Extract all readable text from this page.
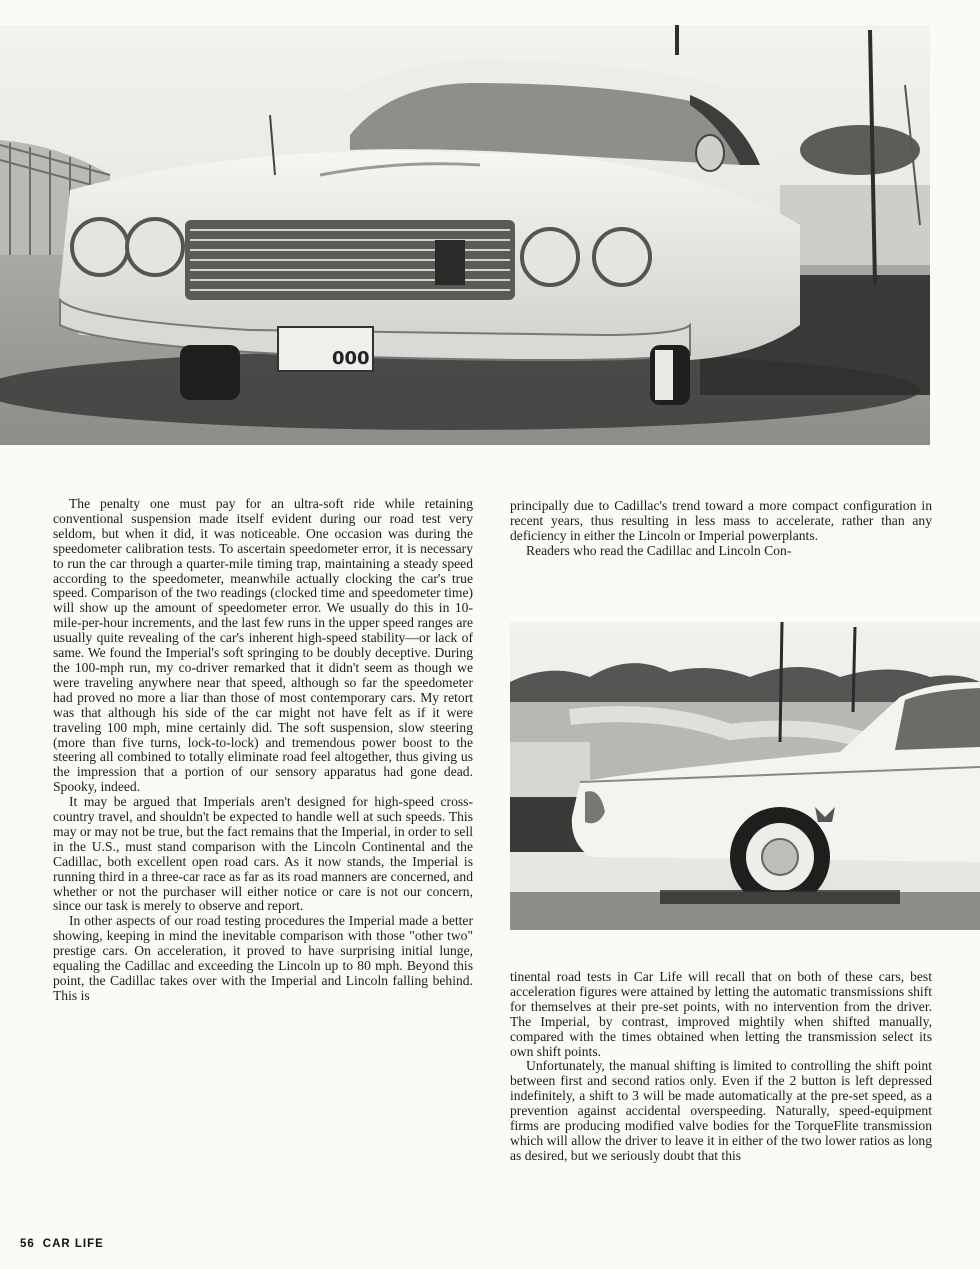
000

The penalty one must pay for an ultra-soft ride while retaining conventional suspension made itself evident during our road test very seldom, but when it did, it was noticeable. One occasion was during the speedometer calibration tests. To ascertain speedometer error, it is necessary to run the car through a quarter-mile timing trap, maintaining a steady speed according to the speedometer, meanwhile actually clocking the car's true speed. Comparison of the two readings (clocked time and speedometer time) will show up the amount of speedometer error. We usually do this in 10-mile-per-hour increments, and the last few runs in the upper speed ranges are usually quite revealing of the car's inherent high-speed stability—or lack of same. We found the Imperial's soft springing to be doubly deceptive. During the 100-mph run, my co-driver remarked that it didn't seem as though we were traveling anywhere near that speed, although so far the speedometer had proved no more a liar than those of most contemporary cars. My retort was that although his side of the car might not have felt as if it were traveling 100 mph, mine certainly did. The soft suspension, slow steering (more than five turns, lock-to-lock) and tremendous power boost to the steering all combined to totally eliminate road feel altogether, thus giving us the impression that a portion of our sensory apparatus had gone dead. Spooky, indeed.

It may be argued that Imperials aren't designed for high-speed cross-country travel, and shouldn't be expected to handle well at such speeds. This may or may not be true, but the fact remains that the Imperial, in order to sell in the U.S., must stand comparison with the Lincoln Continental and the Cadillac, both excellent open road cars. As it now stands, the Imperial is running third in a three-car race as far as its road manners are concerned, and whether or not the purchaser will either notice or care is not our concern, since our task is merely to observe and report.

In other aspects of our road testing procedures the Imperial made a better showing, keeping in mind the inevitable comparison with those "other two" prestige cars. On acceleration, it proved to have surprising initial lunge, equaling the Cadillac and exceeding the Lincoln up to 80 mph. Beyond this point, the Cadillac takes over with the Imperial and Lincoln falling behind. This is

principally due to Cadillac's trend toward a more compact configuration in recent years, thus resulting in less mass to accelerate, rather than any deficiency in either the Lincoln or Imperial powerplants.

Readers who read the Cadillac and Lincoln Con-

tinental road tests in Car Life will recall that on both of these cars, best acceleration figures were attained by letting the automatic transmissions shift for themselves at their pre-set points, with no intervention from the driver. The Imperial, by contrast, improved mightily when shifted manually, compared with the times obtained when letting the transmission select its own shift points.

Unfortunately, the manual shifting is limited to controlling the shift point between first and second ratios only. Even if the 2 button is left depressed indefinitely, a shift to 3 will be made automatically at the pre-set speed, as a prevention against accidental overspeeding. Naturally, speed-equipment firms are producing modified valve bodies for the TorqueFlite transmission which will allow the driver to leave it in either of the two lower ratios as long as desired, but we seriously doubt that this

56 CAR LIFE
